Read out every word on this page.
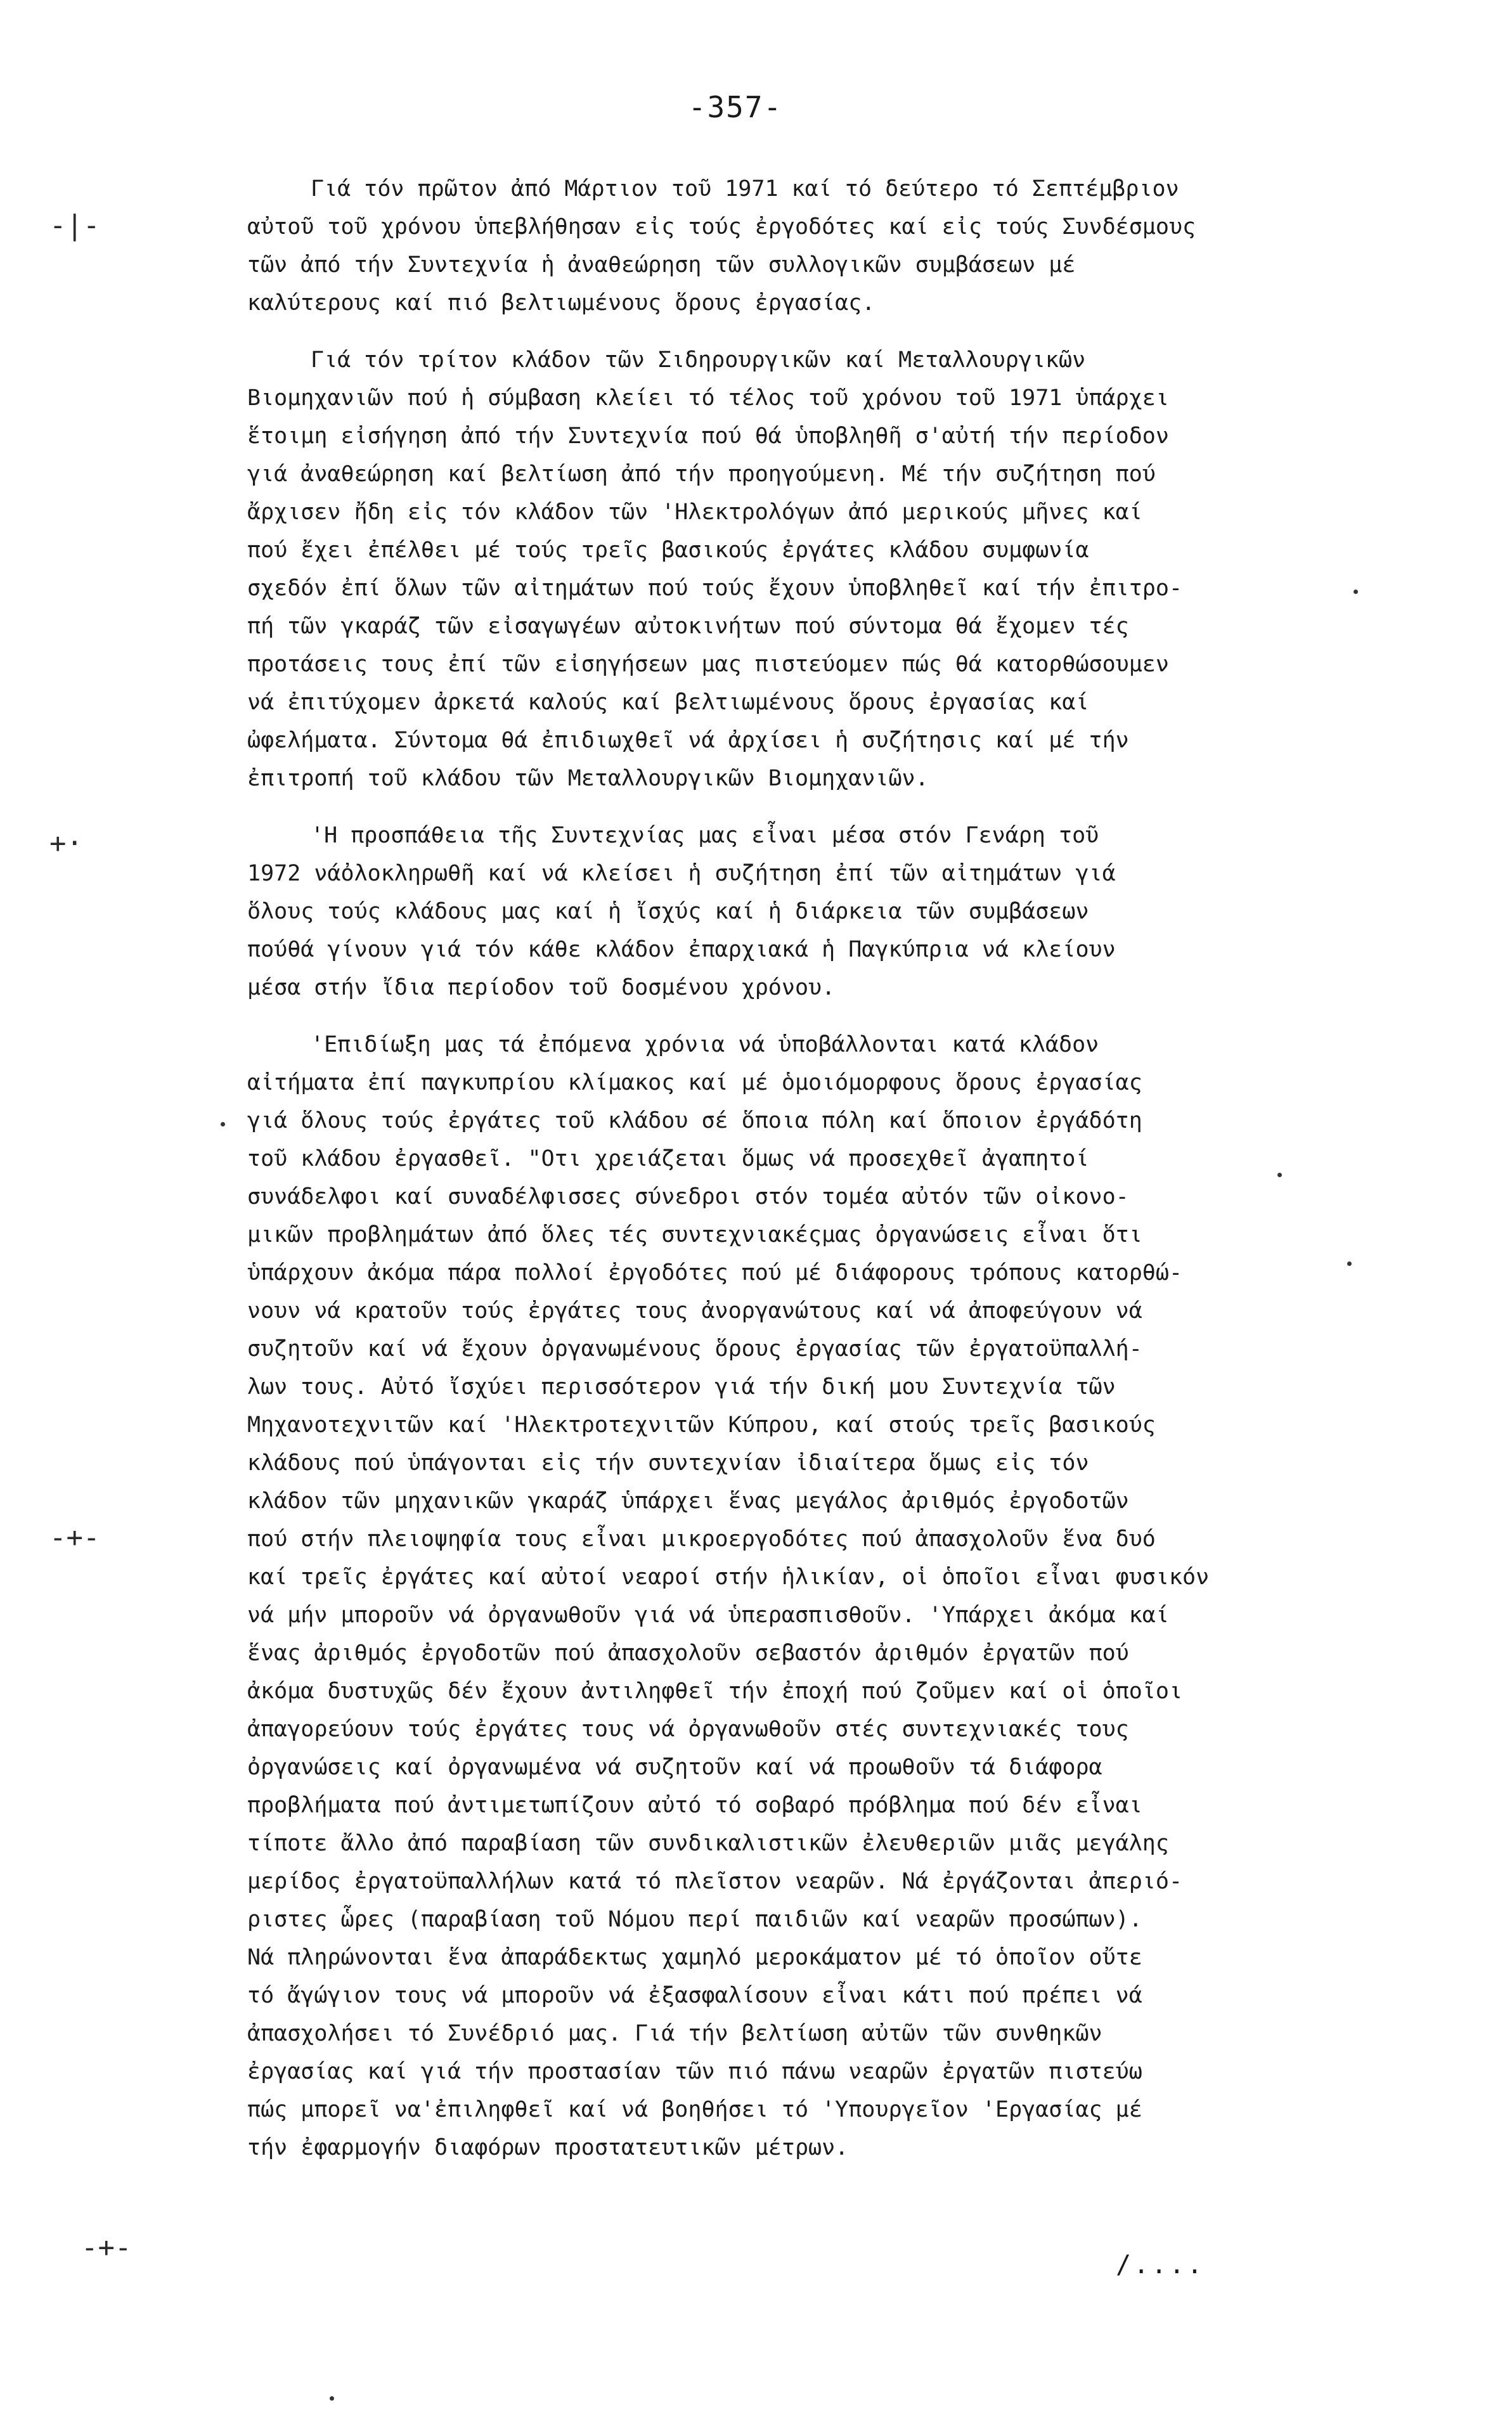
-357-
Γιά τόν πρῶτον ἀπό Μάρτιον τοῦ 1971 καί τό δεύτερο τό Σεπτέμβριον
αὐτοῦ τοῦ χρόνου ὑπεβλήθησαν εἰς τούς ἐργοδότες καί εἰς τούς Συνδέσμους
τῶν ἀπό τήν Συντεχνία ἡ ἀναθεώρηση τῶν συλλογικῶν συμβάσεων μέ
καλύτερους καί πιό βελτιωμένους ὅρους ἐργασίας.
Γιά τόν τρίτον κλάδον τῶν Σιδηρουργικῶν καί Μεταλλουργικῶν
Βιομηχανιῶν πού ἡ σύμβαση κλείει τό τέλος τοῦ χρόνου τοῦ 1971 ὑπάρχει
ἕτοιμη εἰσήγηση ἀπό τήν Συντεχνία πού θά ὑποβληθῆ σ'αὐτή τήν περίοδον
γιά ἀναθεώρηση καί βελτίωση ἀπό τήν προηγούμενη. Μέ τήν συζήτηση πού
ἄρχισεν ἤδη εἰς τόν κλάδον τῶν 'Ηλεκτρολόγων ἀπό μερικούς μῆνες καί
πού ἔχει ἐπέλθει μέ τούς τρεῖς βασικούς ἐργάτες κλάδου συμφωνία
σχεδόν ἐπί ὅλων τῶν αἰτημάτων πού τούς ἔχουν ὑποβληθεῖ καί τήν ἐπιτρο-
πή τῶν γκαράζ τῶν εἰσαγωγέων αὐτοκινήτων πού σύντομα θά ἔχομεν τές
προτάσεις τους ἐπί τῶν εἰσηγήσεων μας πιστεύομεν πώς θά κατορθώσουμεν
νά ἐπιτύχομεν ἀρκετά καλούς καί βελτιωμένους ὅρους ἐργασίας καί
ὠφελήματα. Σύντομα θά ἐπιδιωχθεῖ νά ἀρχίσει ἡ συζήτησις καί μέ τήν
ἐπιτροπή τοῦ κλάδου τῶν Μεταλλουργικῶν Βιομηχανιῶν.
'Η προσπάθεια τῆς Συντεχνίας μας εἶναι μέσα στόν Γενάρη τοῦ
1972 νάὀλοκληρωθῆ καί νά κλείσει ἡ συζήτηση ἐπί τῶν αἰτημάτων γιά
ὅλους τούς κλάδους μας καί ἡ ἴσχύς καί ἡ διάρκεια τῶν συμβάσεων
πούθά γίνουν γιά τόν κάθε κλάδον ἐπαρχιακά ἡ Παγκύπρια νά κλείουν
μέσα στήν ἴδια περίοδον τοῦ δοσμένου χρόνου.
'Επιδίωξη μας τά ἐπόμενα χρόνια νά ὑποβάλλονται κατά κλάδον
αἰτήματα ἐπί παγκυπρίου κλίμακος καί μέ ὁμοιόμορφους ὅρους ἐργασίας
γιά ὅλους τούς ἐργάτες τοῦ κλάδου σέ ὅποια πόλη καί ὅποιον ἐργάδότη
τοῦ κλάδου ἐργασθεῖ. "Οτι χρειάζεται ὅμως νά προσεχθεῖ ἀγαπητοί
συνάδελφοι καί συναδέλφισσες σύνεδροι στόν τομέα αὐτόν τῶν οἰκονο-
μικῶν προβλημάτων ἀπό ὅλες τές συντεχνιακέςμας ὀργανώσεις εἶναι ὅτι
ὑπάρχουν ἀκόμα πάρα πολλοί ἐργοδότες πού μέ διάφορους τρόπους κατορθώ-
νουν νά κρατοῦν τούς ἐργάτες τους ἀνοργανώτους καί νά ἀποφεύγουν νά
συζητοῦν καί νά ἔχουν ὀργανωμένους ὅρους ἐργασίας τῶν ἐργατοϋπαλλή-
λων τους. Αὐτό ἴσχύει περισσότερον γιά τήν δική μου Συντεχνία τῶν
Μηχανοτεχνιτῶν καί 'Ηλεκτροτεχνιτῶν Κύπρου, καί στούς τρεῖς βασικούς
κλάδους πού ὑπάγονται εἰς τήν συντεχνίαν ἰδιαίτερα ὅμως εἰς τόν
κλάδον τῶν μηχανικῶν γκαράζ ὑπάρχει ἕνας μεγάλος ἀριθμός ἐργοδοτῶν
πού στήν πλειοψηφία τους εἶναι μικροεργοδότες πού ἀπασχολοῦν ἕνα δυό
καί τρεῖς ἐργάτες καί αὐτοί νεαροί στήν ἡλικίαν, οἱ ὁποῖοι εἶναι φυσικόν
νά μήν μποροῦν νά ὀργανωθοῦν γιά νά ὑπερασπισθοῦν. 'Υπάρχει ἀκόμα καί
ἕνας ἀριθμός ἐργοδοτῶν πού ἀπασχολοῦν σεβαστόν ἀριθμόν ἐργατῶν πού
ἀκόμα δυστυχῶς δέν ἔχουν ἀντιληφθεῖ τήν ἐποχή πού ζοῦμεν καί οἱ ὁποῖοι
ἀπαγορεύουν τούς ἐργάτες τους νά ὀργανωθοῦν στές συντεχνιακές τους
ὀργανώσεις καί ὀργανωμένα νά συζητοῦν καί νά προωθοῦν τά διάφορα
προβλήματα πού ἀντιμετωπίζουν αὐτό τό σοβαρό πρόβλημα πού δέν εἶναι
τίποτε ἄλλο ἀπό παραβίαση τῶν συνδικαλιστικῶν ἐλευθεριῶν μιᾶς μεγάλης
μερίδος ἐργατοϋπαλλήλων κατά τό πλεῖστον νεαρῶν. Νά ἐργάζονται ἀπεριό-
ριστες ὧρες (παραβίαση τοῦ Νόμου περί παιδιῶν καί νεαρῶν προσώπων).
Νά πληρώνονται ἕνα ἀπαράδεκτως χαμηλό μεροκάματον μέ τό ὁποῖον οὔτε
τό ἄγώγιον τους νά μποροῦν νά ἐξασφαλίσουν εἶναι κάτι πού πρέπει νά
ἀπασχολήσει τό Συνέδριό μας. Γιά τήν βελτίωση αὐτῶν τῶν συνθηκῶν
ἐργασίας καί γιά τήν προστασίαν τῶν πιό πάνω νεαρῶν ἐργατῶν πιστεύω
πώς μπορεῖ να'ἐπιληφθεῖ καί νά βοηθήσει τό 'Υπουργεῖον 'Εργασίας μέ
τήν ἐφαρμογήν διαφόρων προστατευτικῶν μέτρων.
/....
-|-
+·
-+-
-+-
